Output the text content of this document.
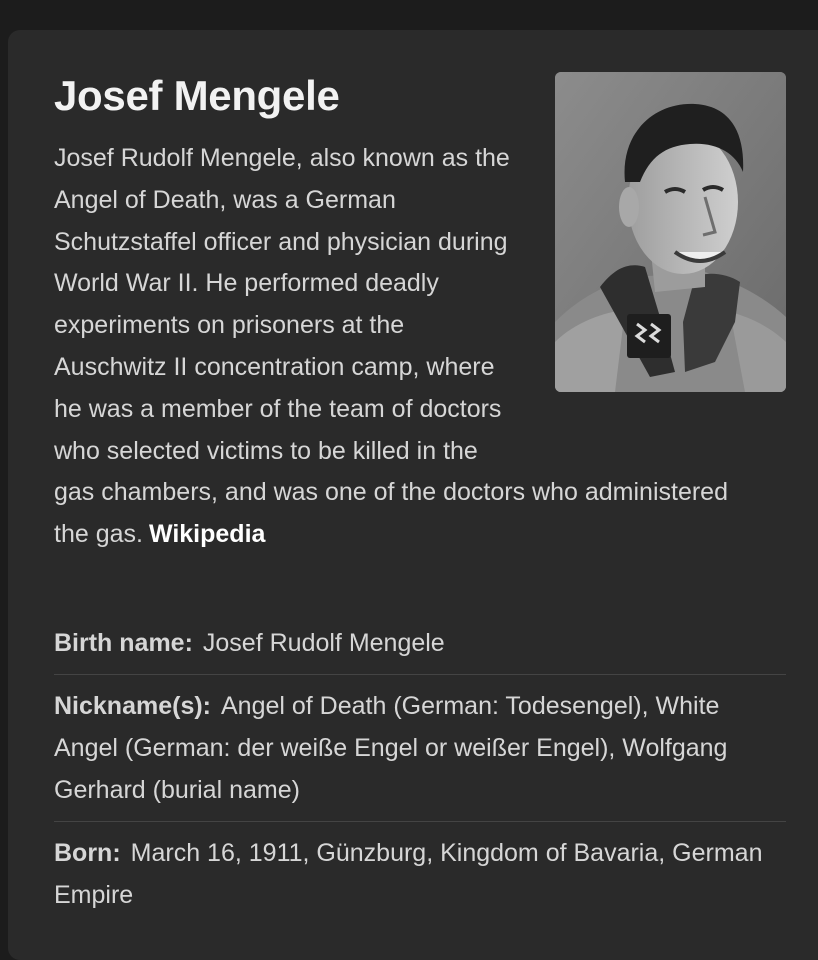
Josef Mengele

Josef Rudolf Mengele, also known as the Angel of Death, was a German Schutzstaffel officer and physician during World War II. He performed deadly experiments on prisoners at the Auschwitz II concentration camp, where he was a member of the team of doctors who selected victims to be killed in the gas chambers, and was one of the doctors who administered the gas. Wikipedia

Birth name: Josef Rudolf Mengele
Nickname(s): Angel of Death (German: Todesengel), White Angel (German: der weiße Engel or weißer Engel), Wolfgang Gerhard (burial name)
Born: March 16, 1911, Günzburg, Kingdom of Bavaria, German Empire
